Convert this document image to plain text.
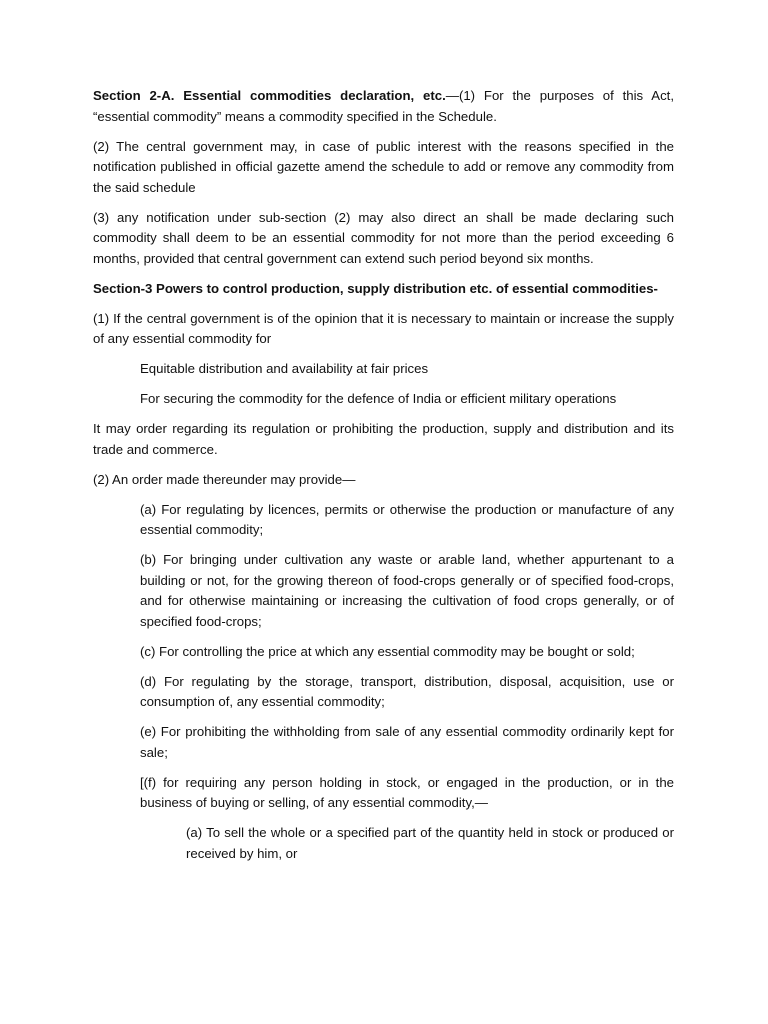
Section 2-A. Essential commodities declaration, etc.—(1) For the purposes of this Act, “essential commodity” means a commodity specified in the Schedule.

(2) The central government may, in case of public interest with the reasons specified in the notification published in official gazette amend the schedule to add or remove any commodity from the said schedule

(3) any notification under sub-section (2) may also direct an shall be made declaring such commodity shall deem to be an essential commodity for not more than the period exceeding 6 months, provided that central government can extend such period beyond six months.

Section-3 Powers to control production, supply distribution etc. of essential commodities-

(1) If the central government is of the opinion that it is necessary to maintain or increase the supply of any essential commodity for

Equitable distribution and availability at fair prices

For securing the commodity for the defence of India or efficient military operations

It may order regarding its regulation or prohibiting the production, supply and distribution and its trade and commerce.

(2) An order made thereunder may provide—

(a) For regulating by licences, permits or otherwise the production or manufacture of any essential commodity;

(b) For bringing under cultivation any waste or arable land, whether appurtenant to a building or not, for the growing thereon of food-crops generally or of specified food-crops, and for otherwise maintaining or increasing the cultivation of food crops generally, or of specified food-crops;

(c) For controlling the price at which any essential commodity may be bought or sold;

(d) For regulating by the storage, transport, distribution, disposal, acquisition, use or consumption of, any essential commodity;

(e) For prohibiting the withholding from sale of any essential commodity ordinarily kept for sale;

[(f) for requiring any person holding in stock, or engaged in the production, or in the business of buying or selling, of any essential commodity,—

(a) To sell the whole or a specified part of the quantity held in stock or produced or received by him, or
